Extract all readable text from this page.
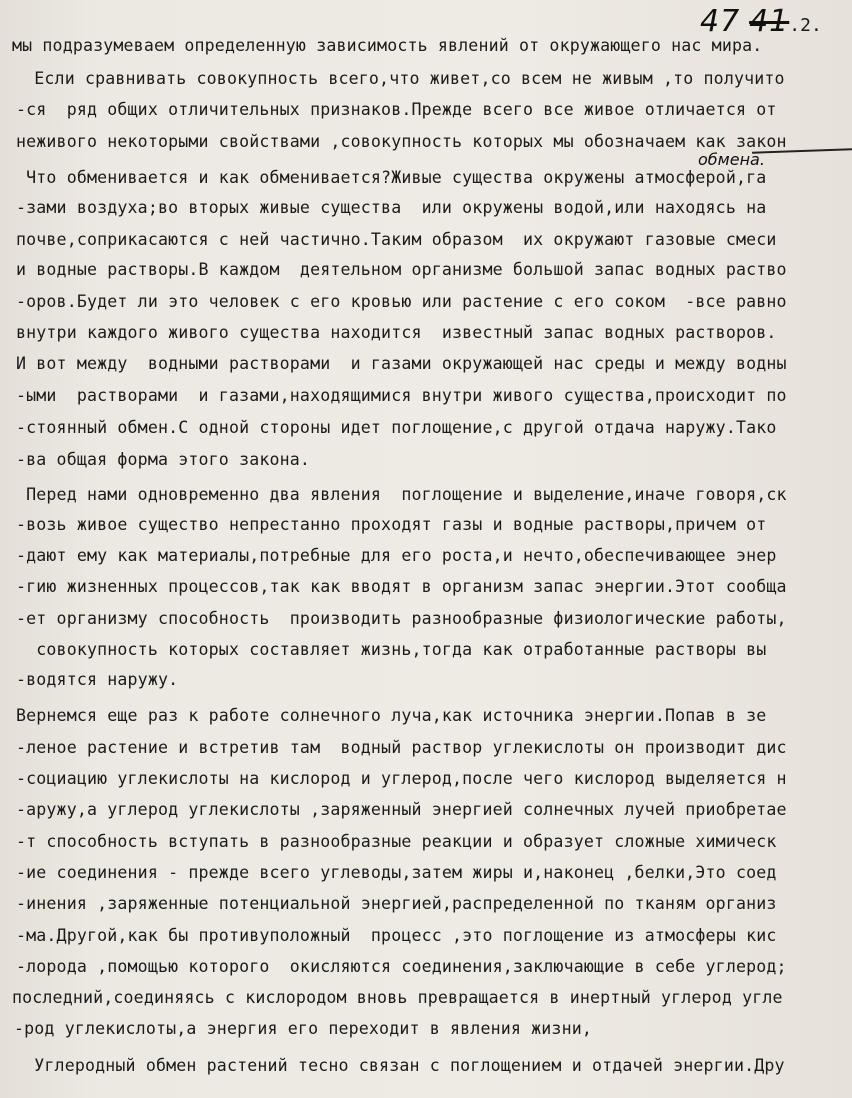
47 41.2.
обмена.
мы подразумеваем определенную зависимость явлений от окружающего нас мира.
Если сравнивать совокупность всего,что живет,со всем не живым ,то получито
-ся  ряд общих отличительных признаков.Прежде всего все живое отличается от
неживого некоторыми свойствами ,совокупность которых мы обозначаем как закон
Что обменивается и как обменивается?Живые существа окружены атмосферой,га
-зами воздуха;во вторых живые существа  или окружены водой,или находясь на
почве,соприкасаются с ней частично.Таким образом  их окружают газовые смеси
и водные растворы.В каждом  деятельном организме большой запас водных раство
-оров.Будет ли это человек с его кровью или растение с его соком  -все равно
внутри каждого живого существа находится  известный запас водных растворов.
И вот между  водными растворами  и газами окружающей нас среды и между водны
-ыми  растворами  и газами,находящимися внутри живого существа,происходит по
-стоянный обмен.С одной стороны идет поглощение,с другой отдача наружу.Тако
-ва общая форма этого закона.
Перед нами одновременно два явления  поглощение и выделение,иначе говоря,ск
-возь живое существо непрестанно проходят газы и водные растворы,причем от
-дают ему как материалы,потребные для его роста,и нечто,обеспечивающее энер
-гию жизненных процессов,так как вводят в организм запас энергии.Этот сообща
-ет организму способность  производить разнообразные физиологические работы,
совокупность которых составляет жизнь,тогда как отработанные растворы вы
-водятся наружу.
Вернемся еще раз к работе солнечного луча,как источника энергии.Попав в зе
-леное растение и встретив там  водный раствор углекислоты он производит дис
-социацию углекислоты на кислород и углерод,после чего кислород выделяется н
-аружу,а углерод углекислоты ,заряженный энергией солнечных лучей приобретае
-т способность вступать в разнообразные реакции и образует сложные химическ
-ие соединения - прежде всего углеводы,затем жиры и,наконец ,белки,Это соед
-инения ,заряженные потенциальной энергией,распределенной по тканям организ
-ма.Другой,как бы противуположный  процесс ,это поглощение из атмосферы кис
-лорода ,помощью которого  окисляются соединения,заключающие в себе углерод;
последний,соединяясь с кислородом вновь превращается в инертный углерод угле
-род углекислоты,а энергия его переходит в явления жизни,
Углеродный обмен растений тесно связан с поглощением и отдачей энергии.Дру
